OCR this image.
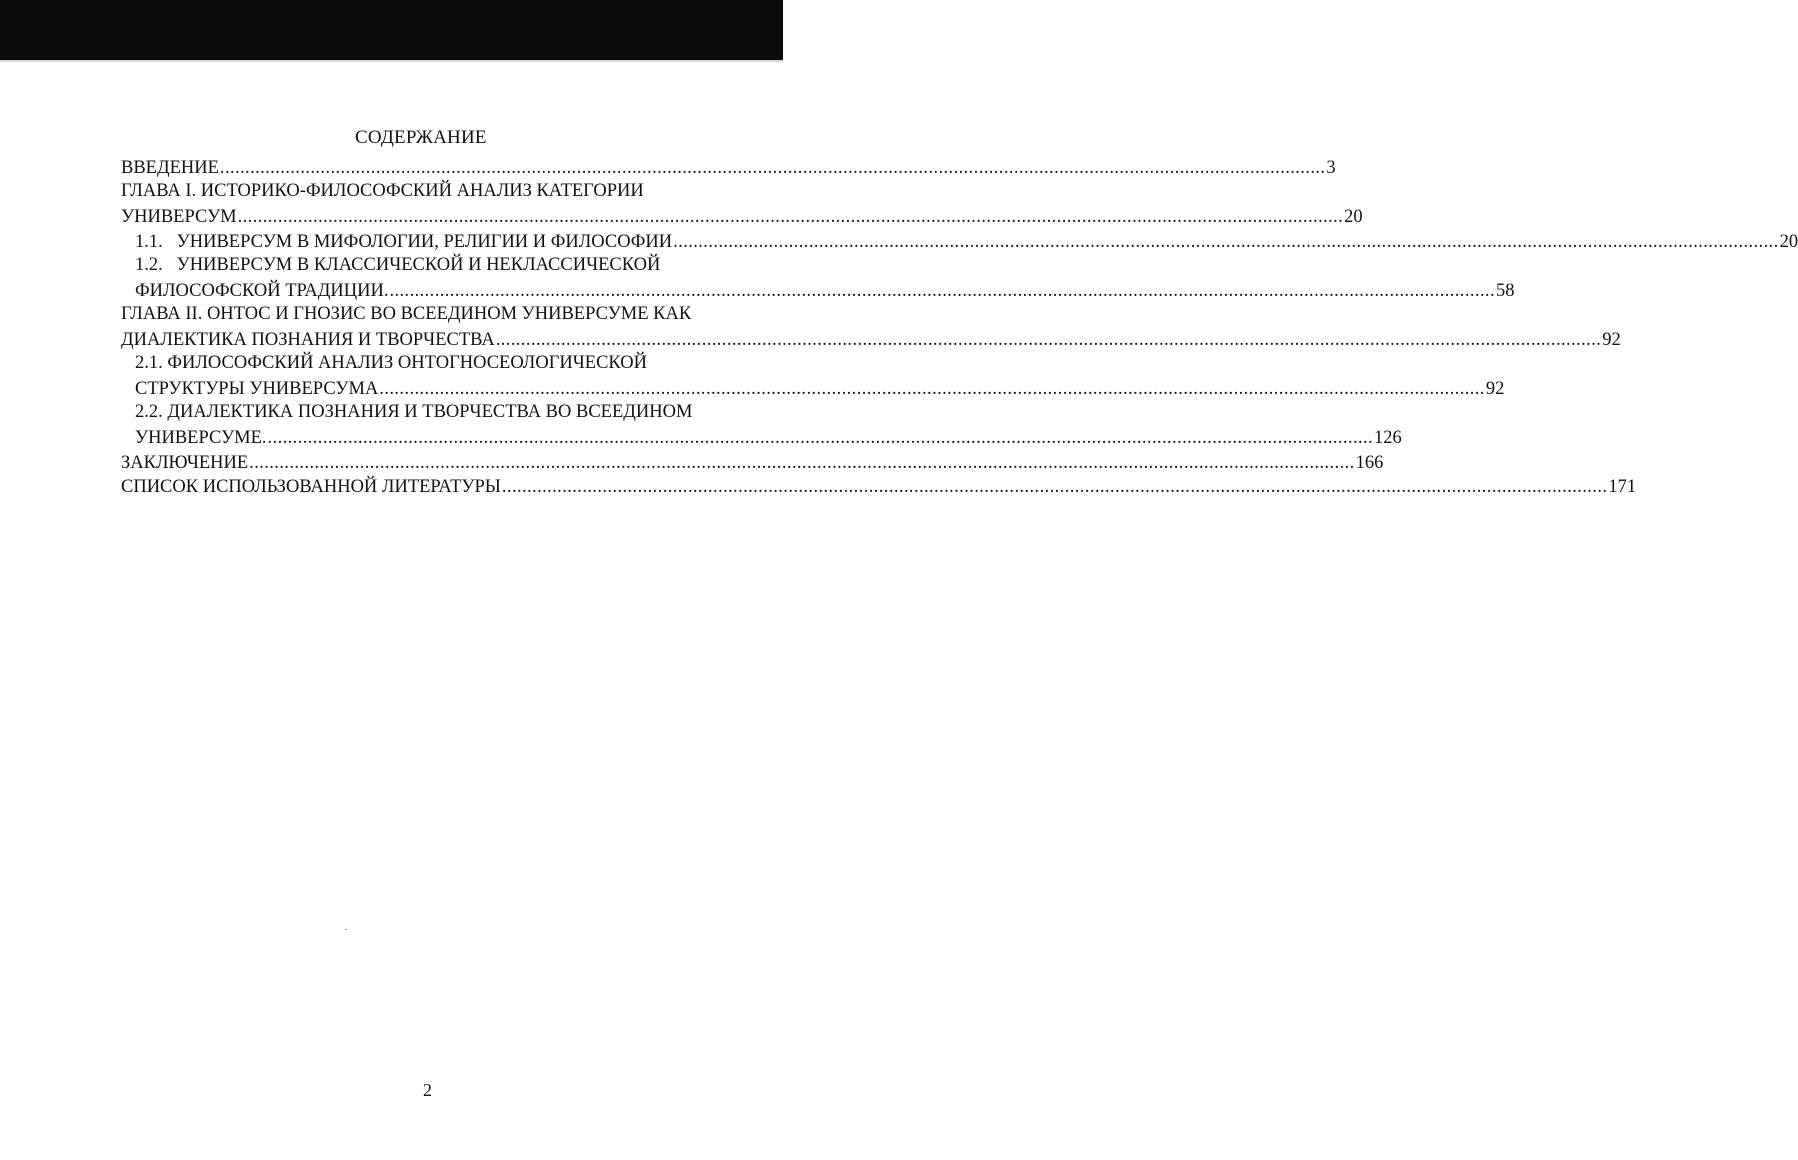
СОДЕРЖАНИЕ
ВВЕДЕНИЕ ............................................................................................................................................................................................................................ 3
ГЛАВА I. ИСТОРИКО-ФИЛОСОФСКИЙ АНАЛИЗ КАТЕГОРИИ
УНИВЕРСУМ ............................................................................................................................................................................................................................ 20
1.1.   УНИВЕРСУМ В МИФОЛОГИИ, РЕЛИГИИ И ФИЛОСОФИИ ............................................................................................................................................................................................................................ 20
1.2.   УНИВЕРСУМ В КЛАССИЧЕСКОЙ И НЕКЛАССИЧЕСКОЙ
ФИЛОСОФСКОЙ ТРАДИЦИИ. ............................................................................................................................................................................................................................ 58
ГЛАВА II. ОНТОС И ГНОЗИС ВО ВСЕЕДИНОМ УНИВЕРСУМЕ КАК
ДИАЛЕКТИКА ПОЗНАНИЯ И ТВОРЧЕСТВА ............................................................................................................................................................................................................................ 92
2.1. ФИЛОСОФСКИЙ АНАЛИЗ ОНТОГНОСЕОЛОГИЧЕСКОЙ
СТРУКТУРЫ УНИВЕРСУМА ............................................................................................................................................................................................................................ 92
2.2. ДИАЛЕКТИКА ПОЗНАНИЯ И ТВОРЧЕСТВА ВО ВСЕЕДИНОМ
УНИВЕРСУМЕ. ............................................................................................................................................................................................................................ 126
ЗАКЛЮЧЕНИЕ ............................................................................................................................................................................................................................ 166
СПИСОК ИСПОЛЬЗОВАННОЙ ЛИТЕРАТУРЫ ............................................................................................................................................................................................................................ 171
2
